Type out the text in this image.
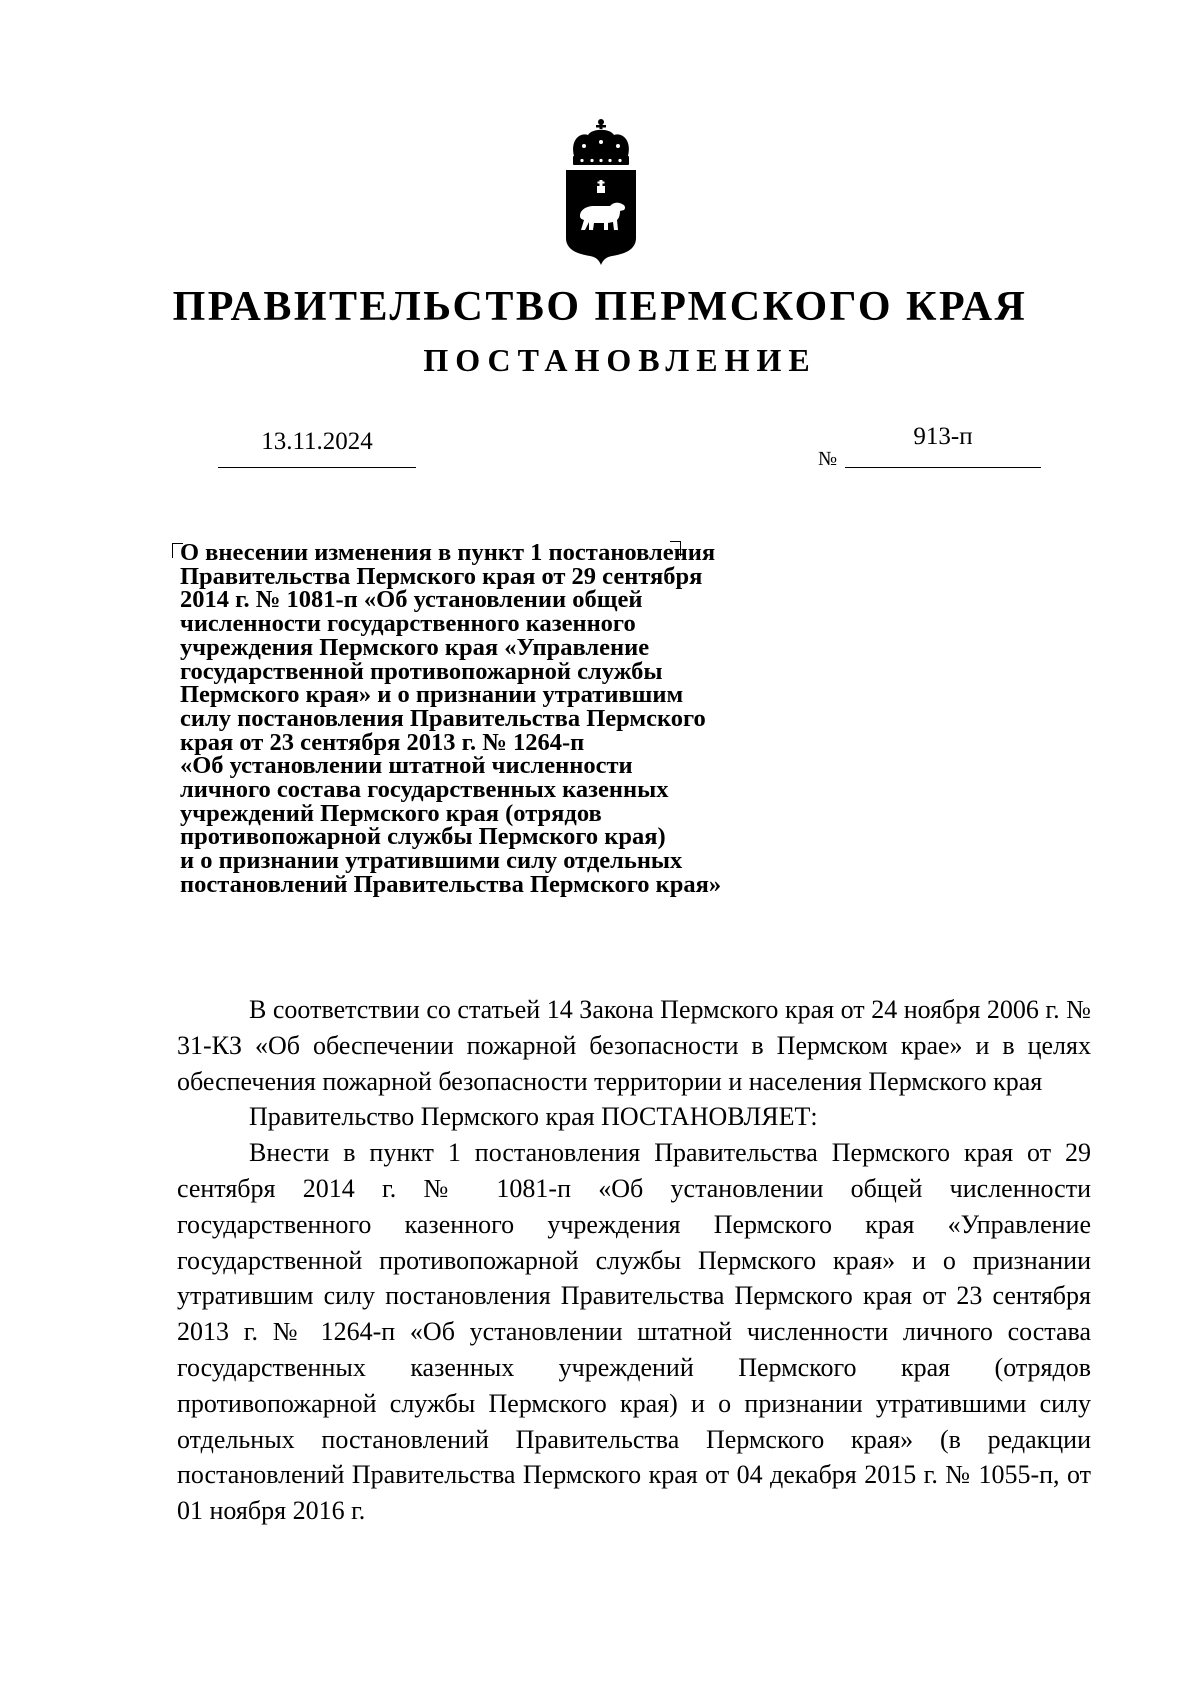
ПРАВИТЕЛЬСТВО ПЕРМСКОГО КРАЯ
ПОСТАНОВЛЕНИЕ
13.11.2024
№
913-п
О внесении изменения в пункт 1 постановления
Правительства Пермского края от 29 сентября
2014 г. № 1081-п «Об установлении общей
численности государственного казенного
учреждения Пермского края «Управление
государственной противопожарной службы
Пермского края» и о признании утратившим
силу постановления Правительства Пермского
края от 23 сентября 2013 г. № 1264-п
«Об установлении штатной численности
личного состава государственных казенных
учреждений Пермского края (отрядов
противопожарной службы Пермского края)
и о признании утратившими силу отдельных
постановлений Правительства Пермского края»

В соответствии со статьей 14 Закона Пермского края от 24 ноября 2006 г. № 31-КЗ «Об обеспечении пожарной безопасности в Пермском крае» и в целях обеспечения пожарной безопасности территории и населения Пермского края

Правительство Пермского края ПОСТАНОВЛЯЕТ:

Внести в пункт 1 постановления Правительства Пермского края от 29 сентября 2014 г. № 1081-п «Об установлении общей численности государственного казенного учреждения Пермского края «Управление государственной противопожарной службы Пермского края» и о признании утратившим силу постановления Правительства Пермского края от 23 сентября 2013 г. № 1264-п «Об установлении штатной численности личного состава государственных казенных учреждений Пермского края (отрядов противопожарной службы Пермского края) и о признании утратившими силу отдельных постановлений Правительства Пермского края» (в редакции постановлений Правительства Пермского края от 04 декабря 2015 г. № 1055-п, от 01 ноября 2016 г.
